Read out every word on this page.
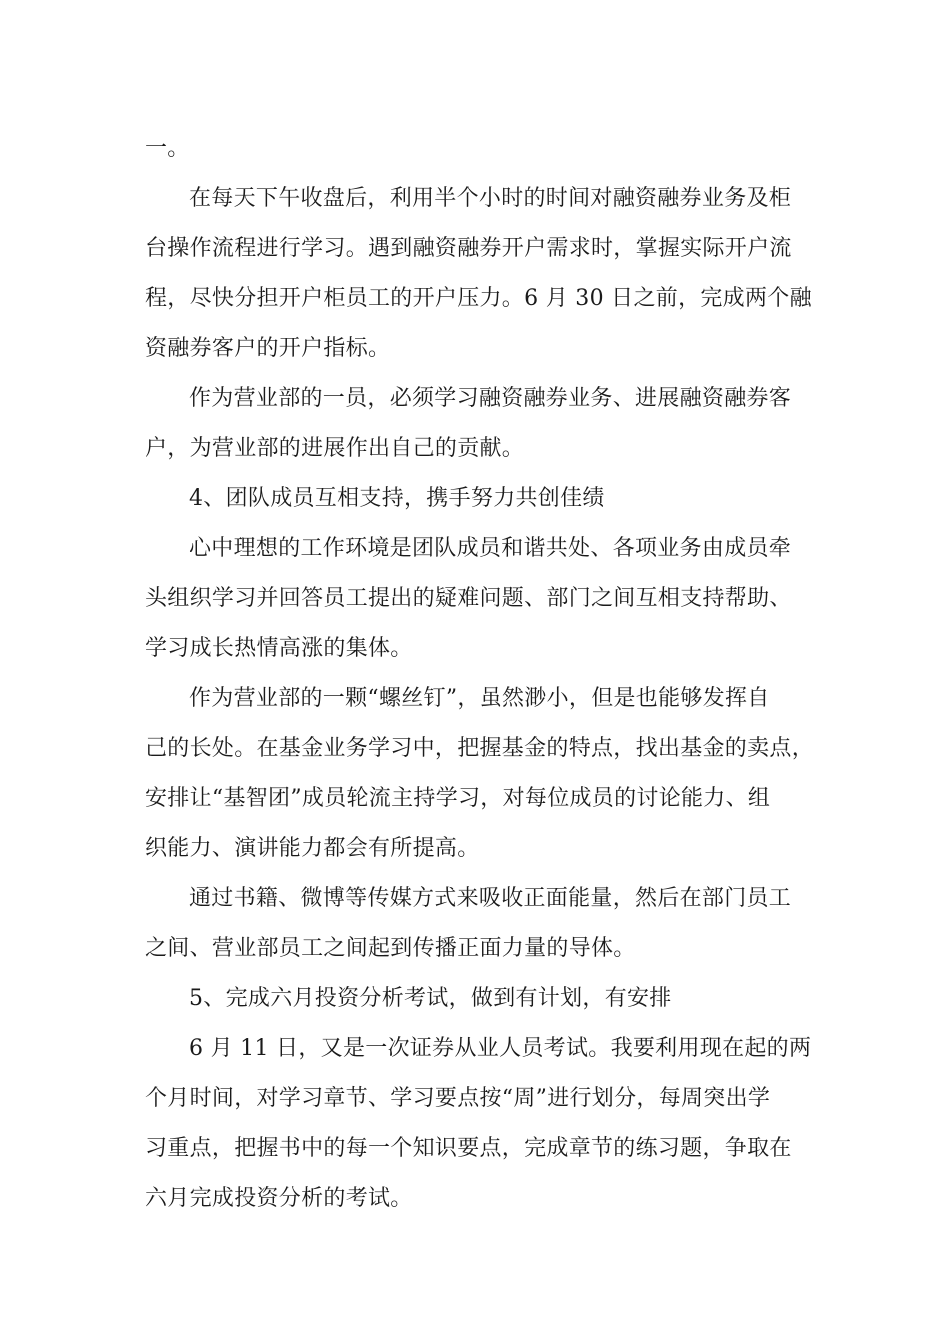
一。
在每天下午收盘后，利用半个小时的时间对融资融券业务及柜
台操作流程进行学习。遇到融资融券开户需求时，掌握实际开户流
程，尽快分担开户柜员工的开户压力。6 月 30 日之前，完成两个融
资融券客户的开户指标。
作为营业部的一员，必须学习融资融券业务、进展融资融券客
户，为营业部的进展作出自己的贡献。
4、团队成员互相支持，携手努力共创佳绩
心中理想的工作环境是团队成员和谐共处、各项业务由成员牵
头组织学习并回答员工提出的疑难问题、部门之间互相支持帮助、
学习成长热情高涨的集体。
作为营业部的一颗“螺丝钉”，虽然渺小，但是也能够发挥自
己的长处。在基金业务学习中，把握基金的特点，找出基金的卖点，
安排让“基智团”成员轮流主持学习，对每位成员的讨论能力、组
织能力、演讲能力都会有所提高。
通过书籍、微博等传媒方式来吸收正面能量，然后在部门员工
之间、营业部员工之间起到传播正面力量的导体。
5、完成六月投资分析考试，做到有计划，有安排
6 月 11 日，又是一次证券从业人员考试。我要利用现在起的两
个月时间，对学习章节、学习要点按“周”进行划分，每周突出学
习重点，把握书中的每一个知识要点，完成章节的练习题，争取在
六月完成投资分析的考试。
